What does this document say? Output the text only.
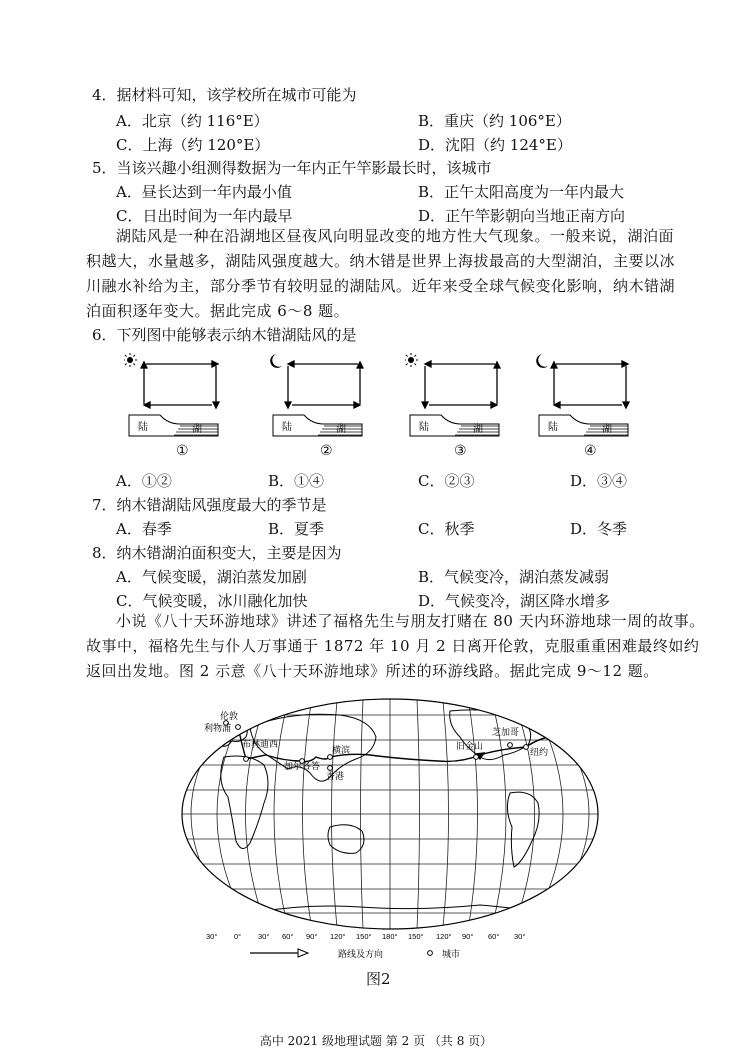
4．据材料可知，该学校所在城市可能为
A．北京（约 116°E）	B．重庆（约 106°E）
C．上海（约 120°E）	D．沈阳（约 124°E）
5．当该兴趣小组测得数据为一年内正午竿影最长时，该城市
A．昼长达到一年内最小值	B．正午太阳高度为一年内最大
C．日出时间为一年内最早	D．正午竿影朝向当地正南方向
湖陆风是一种在沿湖地区昼夜风向明显改变的地方性大气现象。一般来说，湖泊面
积越大，水量越多，湖陆风强度越大。纳木错是世界上海拔最高的大型湖泊，主要以冰
川融水补给为主，部分季节有较明显的湖陆风。近年来受全球气候变化影响，纳木错湖
泊面积逐年变大。据此完成 6～8 题。
6．下列图中能够表示纳木错湖陆风的是
陆	湖
①
陆	湖
②
陆	湖
③
陆	湖
④
A．①②	B．①④	C．②③	D．③④
7．纳木错湖陆风强度最大的季节是
A．春季	B．夏季	C．秋季	D．冬季
8．纳木错湖泊面积变大，主要是因为
A．气候变暖，湖泊蒸发加剧	B．气候变冷，湖泊蒸发减弱
C．气候变暖，冰川融化加快	D．气候变冷，湖区降水增多
小说《八十天环游地球》讲述了福格先生与朋友打赌在 80 天内环游地球一周的故事。
故事中，福格先生与仆人万事通于 1872 年 10 月 2 日离开伦敦，克服重重困难最终如约
返回出发地。图 2 示意《八十天环游地球》所述的环游线路。据此完成 9～12 题。
伦敦
布林迪西
加尔各答
香港
横滨	旧金山
纽约
芝加哥
利物浦
30° 0° 30° 60° 90° 120° 150° 180° 150° 120° 90° 60° 30°
路线及方向	城市
图2
高中 2021 级地理试题 第 2 页 （共 8 页）
